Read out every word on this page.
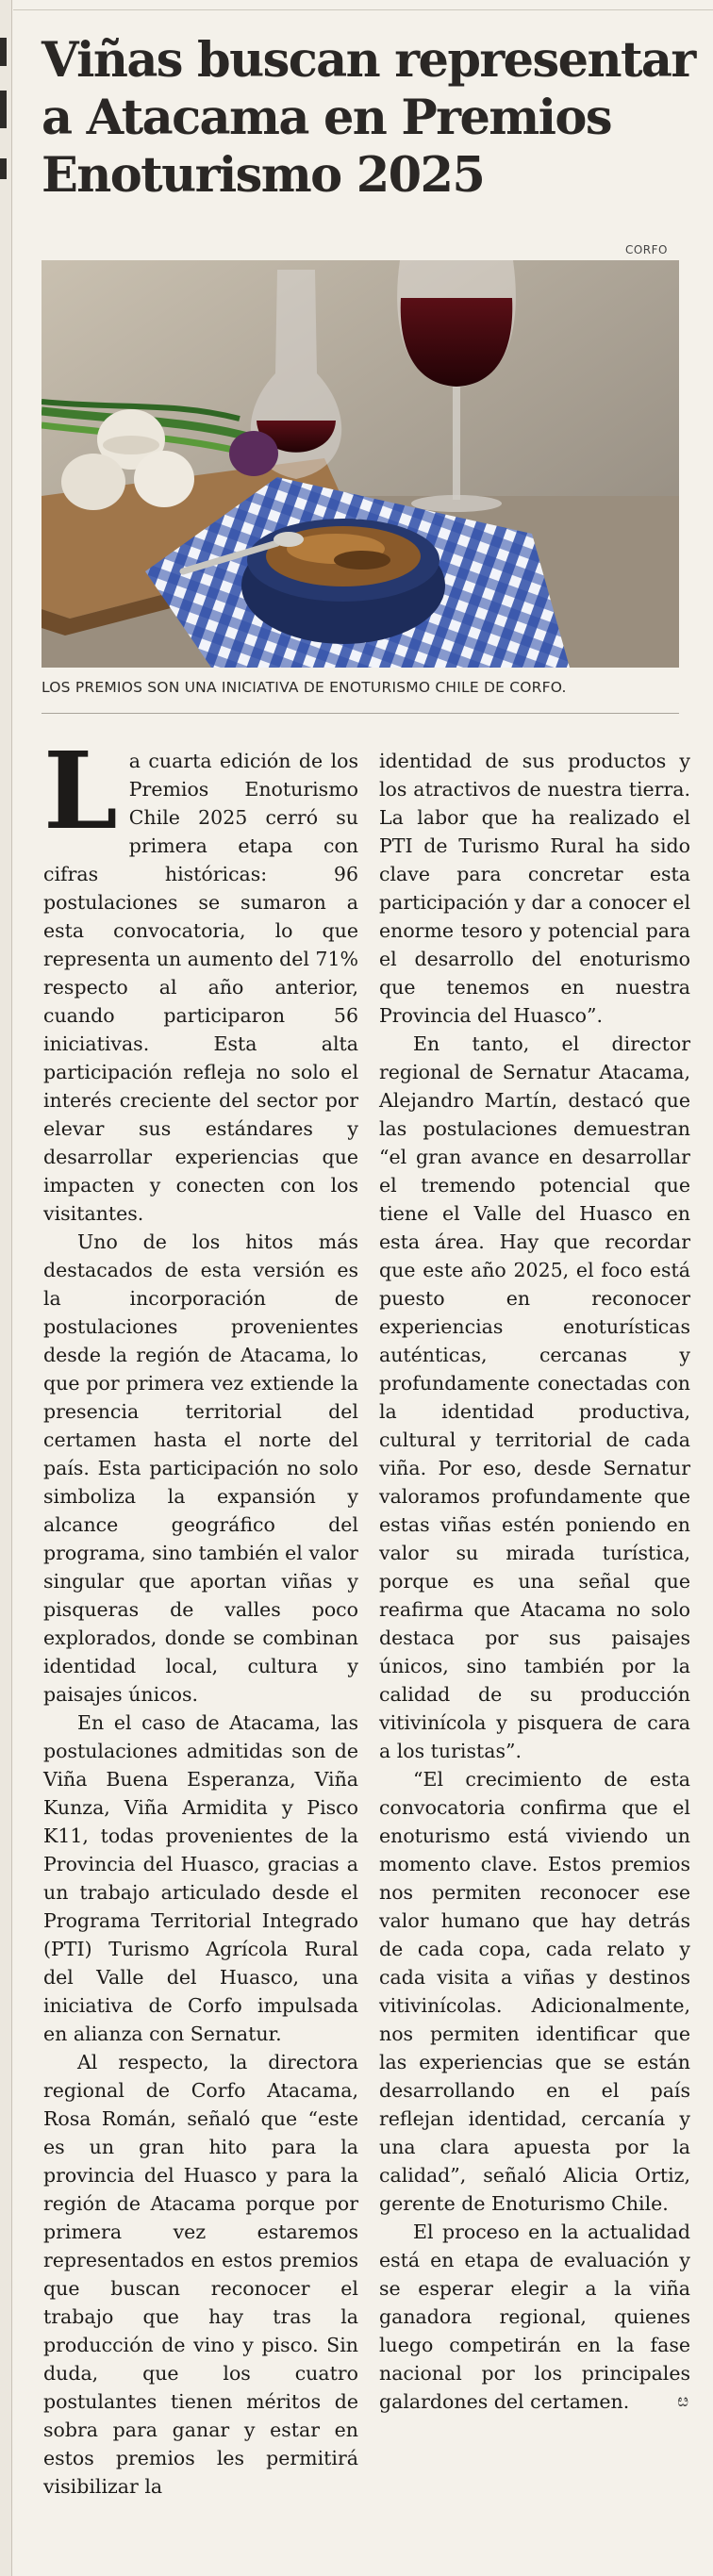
Viñas buscan representar a Atacama en Premios Enoturismo 2025
CORFO
LOS PREMIOS SON UNA INICIATIVA DE ENOTURISMO CHILE DE CORFO.

La cuarta edición de los Premios Enoturismo Chile 2025 cerró su primera etapa con cifras históricas: 96 postulaciones se sumaron a esta convocatoria, lo que representa un aumento del 71% respecto al año anterior, cuando participaron 56 iniciativas. Esta alta participación refleja no solo el interés creciente del sector por elevar sus estándares y desarrollar experiencias que impacten y conecten con los visitantes.

Uno de los hitos más destacados de esta versión es la incorporación de postulaciones provenientes desde la región de Atacama, lo que por primera vez extiende la presencia territorial del certamen hasta el norte del país. Esta participación no solo simboliza la expansión y alcance geográfico del programa, sino también el valor singular que aportan viñas y pisqueras de valles poco explorados, donde se combinan identidad local, cultura y paisajes únicos.

En el caso de Atacama, las postulaciones admitidas son de Viña Buena Esperanza, Viña Kunza, Viña Armidita y Pisco K11, todas provenientes de la Provincia del Huasco, gracias a un trabajo articulado desde el Programa Territorial Integrado (PTI) Turismo Agrícola Rural del Valle del Huasco, una iniciativa de Corfo impulsada en alianza con Sernatur.

Al respecto, la directora regional de Corfo Atacama, Rosa Román, señaló que “este es un gran hito para la provincia del Huasco y para la región de Atacama porque por primera vez estaremos representados en estos premios que buscan reconocer el trabajo que hay tras la producción de vino y pisco. Sin duda, que los cuatro postulantes tienen méritos de sobra para ganar y estar en estos premios les permitirá visibilizar la

identidad de sus productos y los atractivos de nuestra tierra. La labor que ha realizado el PTI de Turismo Rural ha sido clave para concretar esta participación y dar a conocer el enorme tesoro y potencial para el desarrollo del enoturismo que tenemos en nuestra Provincia del Huasco”.

En tanto, el director regional de Sernatur Atacama, Alejandro Martín, destacó que las postulaciones demuestran “el gran avance en desarrollar el tremendo potencial que tiene el Valle del Huasco en esta área. Hay que recordar que este año 2025, el foco está puesto en reconocer experiencias enoturísticas auténticas, cercanas y profundamente conectadas con la identidad productiva, cultural y territorial de cada viña. Por eso, desde Sernatur valoramos profundamente que estas viñas estén poniendo en valor su mirada turística, porque es una señal que reafirma que Atacama no solo destaca por sus paisajes únicos, sino también por la calidad de su producción vitivinícola y pisquera de cara a los turistas”.

“El crecimiento de esta convocatoria confirma que el enoturismo está viviendo un momento clave. Estos premios nos permiten reconocer ese valor humano que hay detrás de cada copa, cada relato y cada visita a viñas y destinos vitivinícolas. Adicionalmente, nos permiten identificar que las experiencias que se están desarrollando en el país reflejan identidad, cercanía y una clara apuesta por la calidad”, señaló Alicia Ortiz, gerente de Enoturismo Chile.

El proceso en la actualidad está en etapa de evaluación y se esperar elegir a la viña ganadora regional, quienes luego competirán en la fase nacional por los principales galardones del certamen.	ೞ
